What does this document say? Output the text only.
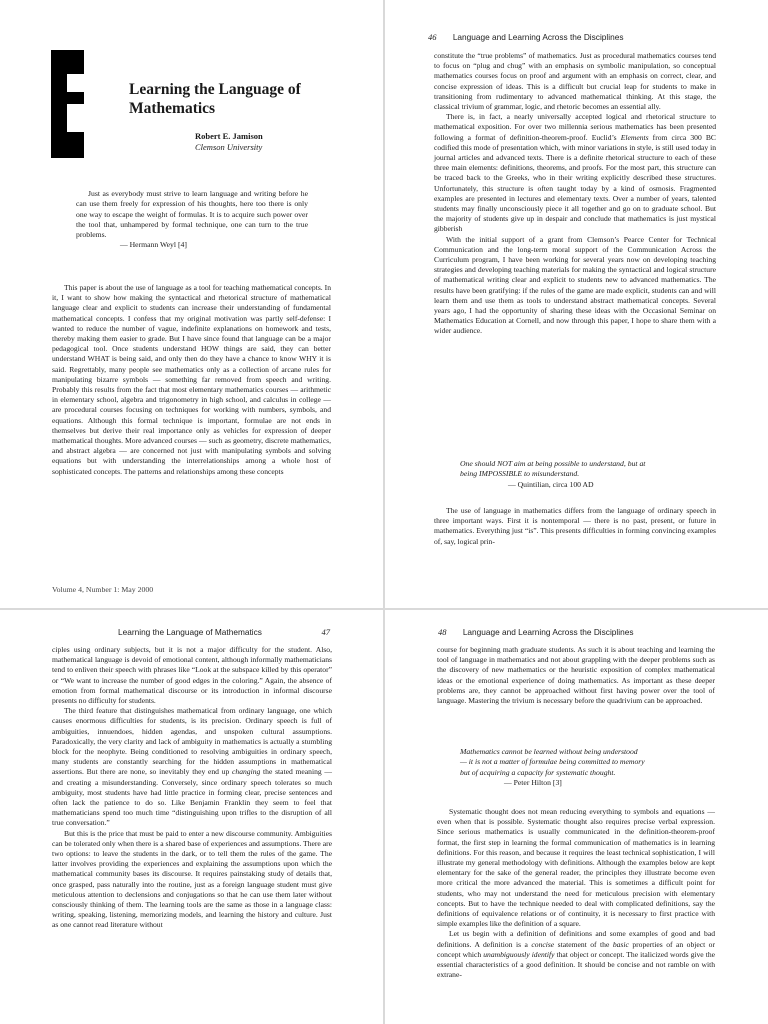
Learning the Language of
Mathematics
Robert E. Jamison
Clemson University

Just as everybody must strive to learn language and writing before he can use them freely for expression of his thoughts, here too there is only one way to escape the weight of formulas. It is to acquire such power over the tool that, unhampered by formal technique, one can turn to the true problems.

— Hermann Weyl [4]

This paper is about the use of language as a tool for teaching mathematical concepts. In it, I want to show how making the syntactical and rhetorical structure of mathematical language clear and explicit to students can increase their understanding of fundamental mathematical concepts. I confess that my original motivation was partly self-defense: I wanted to reduce the number of vague, indefinite explanations on homework and tests, thereby making them easier to grade. But I have since found that language can be a major pedagogical tool. Once students understand HOW things are said, they can better understand WHAT is being said, and only then do they have a chance to know WHY it is said. Regrettably, many people see mathematics only as a collection of arcane rules for manipulating bizarre symbols — something far removed from speech and writing. Probably this results from the fact that most elementary mathematics courses — arithmetic in elementary school, algebra and trigonometry in high school, and calculus in college — are procedural courses focusing on techniques for working with numbers, symbols, and equations. Although this formal technique is important, formulae are not ends in themselves but derive their real importance only as vehicles for expression of deeper mathematical thoughts. More advanced courses — such as geometry, discrete mathematics, and abstract algebra — are concerned not just with manipulating symbols and solving equations but with understanding the interrelationships among a whole host of sophisticated concepts. The patterns and relationships among these concepts

Volume 4, Number 1: May 2000
46 Language and Learning Across the Disciplines

constitute the “true problems” of mathematics. Just as procedural mathematics courses tend to focus on “plug and chug” with an emphasis on symbolic manipulation, so conceptual mathematics courses focus on proof and argument with an emphasis on correct, clear, and concise expression of ideas. This is a difficult but crucial leap for students to make in transitioning from rudimentary to advanced mathematical thinking. At this stage, the classical trivium of grammar, logic, and rhetoric becomes an essential ally.

There is, in fact, a nearly universally accepted logical and rhetorical structure to mathematical exposition. For over two millennia serious mathematics has been presented following a format of definition-theorem-proof. Euclid’s Elements from circa 300 BC codified this mode of presentation which, with minor variations in style, is still used today in journal articles and advanced texts. There is a definite rhetorical structure to each of these three main elements: definitions, theorems, and proofs. For the most part, this structure can be traced back to the Greeks, who in their writing explicitly described these structures. Unfortunately, this structure is often taught today by a kind of osmosis. Fragmented examples are presented in lectures and elementary texts. Over a number of years, talented students may finally unconsciously piece it all together and go on to graduate school. But the majority of students give up in despair and conclude that mathematics is just mystical gibberish

With the initial support of a grant from Clemson’s Pearce Center for Technical Communication and the long-term moral support of the Communication Across the Curriculum program, I have been working for several years now on developing teaching strategies and developing teaching materials for making the syntactical and logical structure of mathematical writing clear and explicit to students new to advanced mathematics. The results have been gratifying: if the rules of the game are made explicit, students can and will learn them and use them as tools to understand abstract mathematical concepts. Several years ago, I had the opportunity of sharing these ideas with the Occasional Seminar on Mathematics Education at Cornell, and now through this paper, I hope to share them with a wider audience.

One should NOT aim at being possible to understand, but at
being IMPOSSIBLE to misunderstand.
— Quintilian, circa 100 AD

The use of language in mathematics differs from the language of ordinary speech in three important ways. First it is nontemporal — there is no past, present, or future in mathematics. Everything just “is”. This presents difficulties in forming convincing examples of, say, logical prin-

Learning the Language of Mathematics	47

ciples using ordinary subjects, but it is not a major difficulty for the student. Also, mathematical language is devoid of emotional content, although informally mathematicians tend to enliven their speech with phrases like “Look at the subspace killed by this operator” or “We want to increase the number of good edges in the coloring.” Again, the absence of emotion from formal mathematical discourse or its introduction in informal discourse presents no difficulty for students.

The third feature that distinguishes mathematical from ordinary language, one which causes enormous difficulties for students, is its precision. Ordinary speech is full of ambiguities, innuendoes, hidden agendas, and unspoken cultural assumptions. Paradoxically, the very clarity and lack of ambiguity in mathematics is actually a stumbling block for the neophyte. Being conditioned to resolving ambiguities in ordinary speech, many students are constantly searching for the hidden assumptions in mathematical assertions. But there are none, so inevitably they end up changing the stated meaning — and creating a misunderstanding. Conversely, since ordinary speech tolerates so much ambiguity, most students have had little practice in forming clear, precise sentences and often lack the patience to do so. Like Benjamin Franklin they seem to feel that mathematicians spend too much time “distinguishing upon trifles to the disruption of all true conversation.”

But this is the price that must be paid to enter a new discourse community. Ambiguities can be tolerated only when there is a shared base of experiences and assumptions. There are two options: to leave the students in the dark, or to tell them the rules of the game. The latter involves providing the experiences and explaining the assumptions upon which the mathematical community bases its discourse. It requires painstaking study of details that, once grasped, pass naturally into the routine, just as a foreign language student must give meticulous attention to declensions and conjugations so that he can use them later without consciously thinking of them. The learning tools are the same as those in a language class: writing, speaking, listening, memorizing models, and learning the history and culture. Just as one cannot read literature without

48 Language and Learning Across the Disciplines

course for beginning math graduate students. As such it is about teaching and learning the tool of language in mathematics and not about grappling with the deeper problems such as the discovery of new mathematics or the heuristic exposition of complex mathematical ideas or the emotional experience of doing mathematics. As important as these deeper problems are, they cannot be approached without first having power over the tool of language. Mastering the trivium is necessary before the quadrivium can be approached.

Mathematics cannot be learned without being understood
— it is not a matter of formulae being committed to memory
but of acquiring a capacity for systematic thought.
— Peter Hilton [3]

Systematic thought does not mean reducing everything to symbols and equations — even when that is possible. Systematic thought also requires precise verbal expression. Since serious mathematics is usually communicated in the definition-theorem-proof format, the first step in learning the formal communication of mathematics is in learning definitions. For this reason, and because it requires the least technical sophistication, I will illustrate my general methodology with definitions. Although the examples below are kept elementary for the sake of the general reader, the principles they illustrate become even more critical the more advanced the material. This is sometimes a difficult point for students, who may not understand the need for meticulous precision with elementary concepts. But to have the technique needed to deal with complicated definitions, say the definitions of equivalence relations or of continuity, it is necessary to first practice with simple examples like the definition of a square.

Let us begin with a definition of definitions and some examples of good and bad definitions. A definition is a concise statement of the basic properties of an object or concept which unambiguously identify that object or concept. The italicized words give the essential characteristics of a good definition. It should be concise and not ramble on with extrane-
